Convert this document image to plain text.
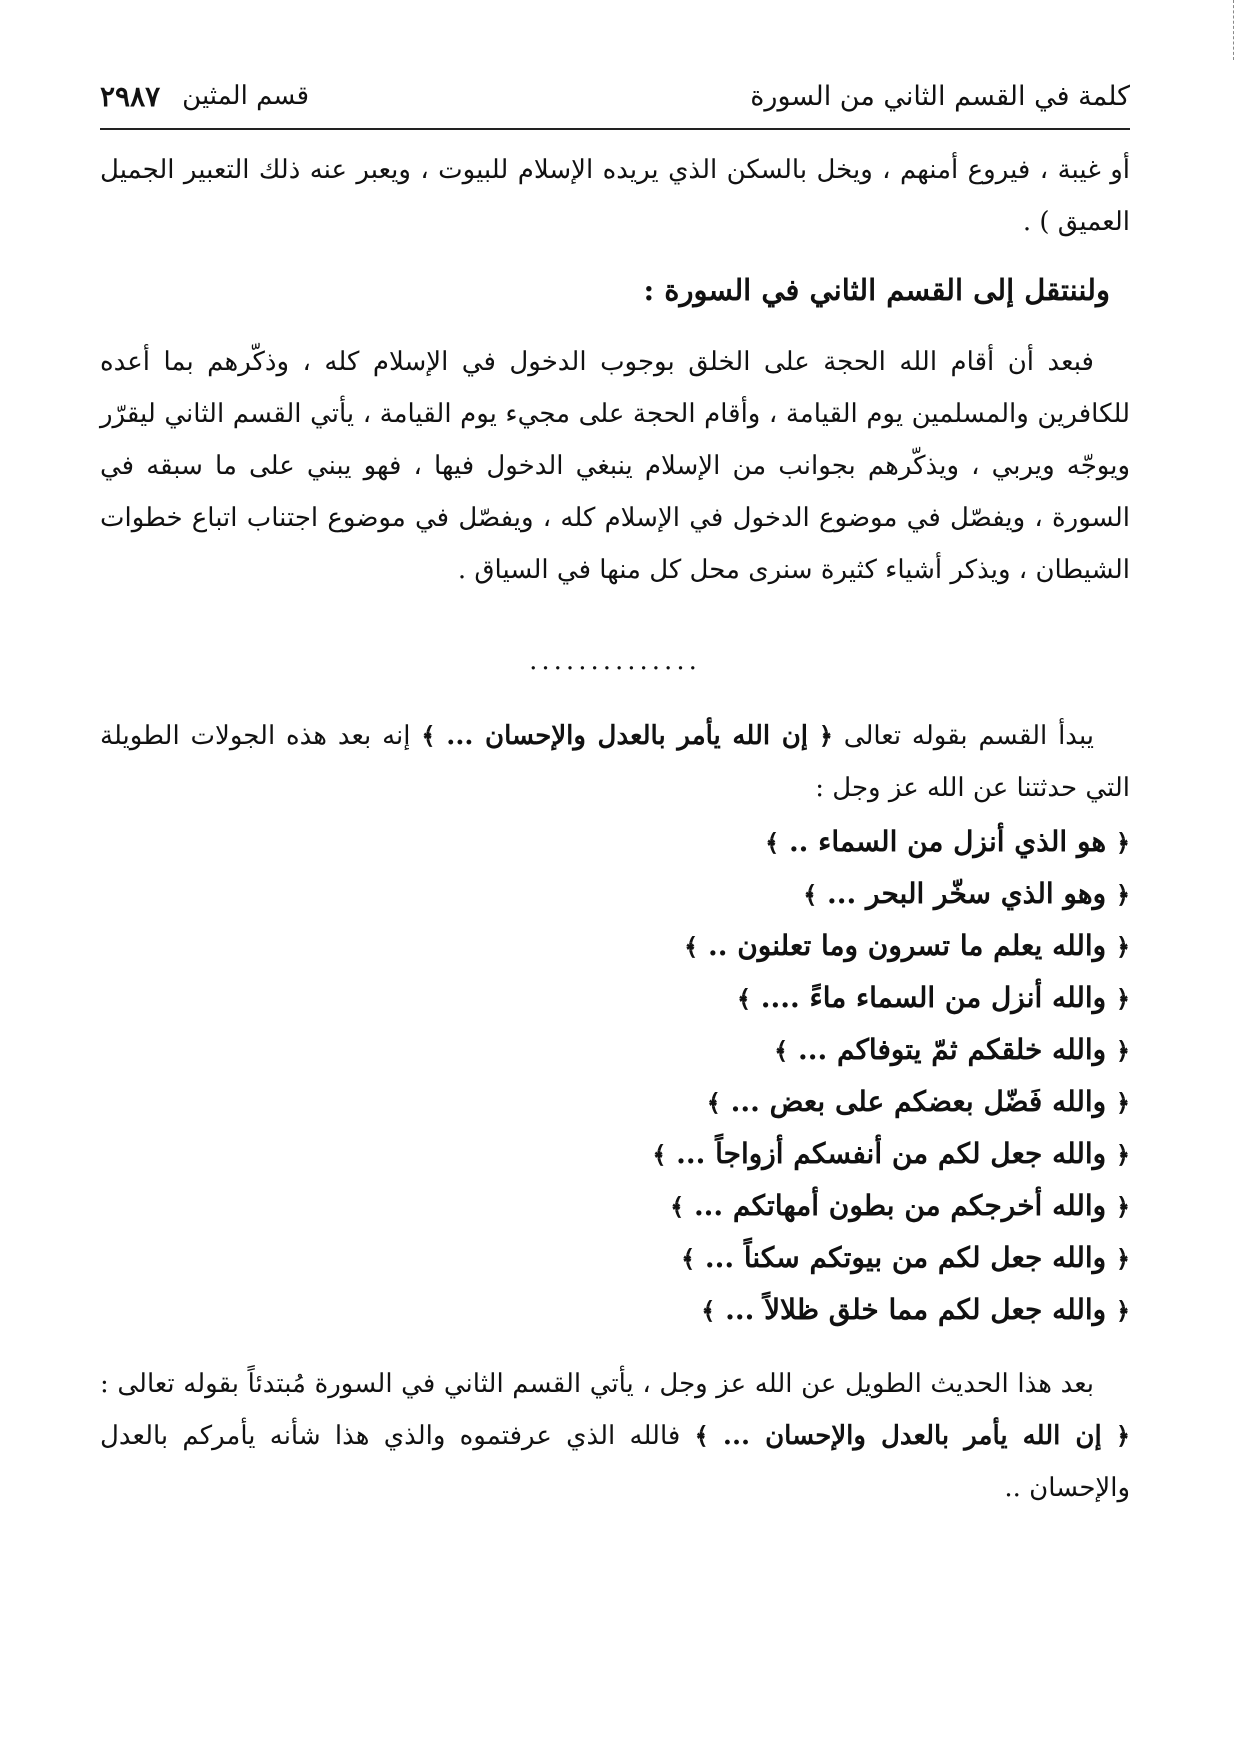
كلمة في القسم الثاني من السورة
قسم المثين
٢٩٨٧

أو غيبة ، فيروع أمنهم ، ويخل بالسكن الذي يريده الإسلام للبيوت ، ويعبر عنه ذلك التعبير الجميل العميق ) .

ولننتقل إلى القسم الثاني في السورة :

فبعد أن أقام الله الحجة على الخلق بوجوب الدخول في الإسلام كله ، وذكّرهم بما أعده للكافرين والمسلمين يوم القيامة ، وأقام الحجة على مجيء يوم القيامة ، يأتي القسم الثاني ليقرّر ويوجّه ويربي ، ويذكّرهم بجوانب من الإسلام ينبغي الدخول فيها ، فهو يبني على ما سبقه في السورة ، ويفصّل في موضوع الدخول في الإسلام كله ، ويفصّل في موضوع اجتناب اتباع خطوات الشيطان ، ويذكر أشياء كثيرة سنرى محل كل منها في السياق .

..............

يبدأ القسم بقوله تعالى ﴿ إن الله يأمر بالعدل والإحسان ... ﴾ إنه بعد هذه الجولات الطويلة التي حدثتنا عن الله عز وجل :

﴿ هو الذي أنزل من السماء .. ﴾
﴿ وهو الذي سخّر البحر ... ﴾
﴿ والله يعلم ما تسرون وما تعلنون .. ﴾
﴿ والله أنزل من السماء ماءً .... ﴾
﴿ والله خلقكم ثمّ يتوفاكم ... ﴾
﴿ والله فَضّل بعضكم على بعض ... ﴾
﴿ والله جعل لكم من أنفسكم أزواجاً ... ﴾
﴿ والله أخرجكم من بطون أمهاتكم ... ﴾
﴿ والله جعل لكم من بيوتكم سكناً ... ﴾
﴿ والله جعل لكم مما خلق ظلالاً ... ﴾

بعد هذا الحديث الطويل عن الله عز وجل ، يأتي القسم الثاني في السورة مُبتدئاً بقوله تعالى : ﴿ إن الله يأمر بالعدل والإحسان ... ﴾ فالله الذي عرفتموه والذي هذا شأنه يأمركم بالعدل والإحسان ..
